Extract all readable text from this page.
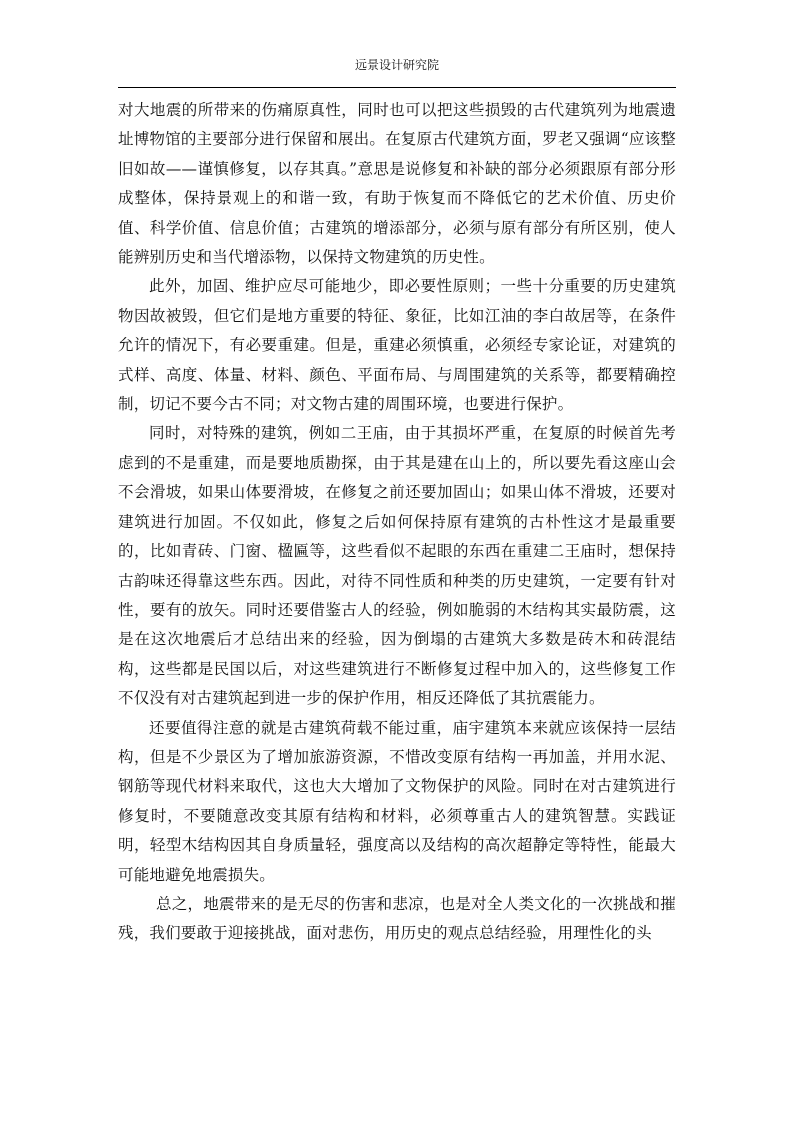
远景设计研究院

对大地震的所带来的伤痛原真性，同时也可以把这些损毁的古代建筑列为地震遗址博物馆的主要部分进行保留和展出。在复原古代建筑方面，罗老又强调“应该整旧如故——谨慎修复，以存其真。”意思是说修复和补缺的部分必须跟原有部分形成整体，保持景观上的和谐一致，有助于恢复而不降低它的艺术价值、历史价值、科学价值、信息价值；古建筑的增添部分，必须与原有部分有所区别，使人能辨别历史和当代增添物，以保持文物建筑的历史性。

此外，加固、维护应尽可能地少，即必要性原则；一些十分重要的历史建筑物因故被毁，但它们是地方重要的特征、象征，比如江油的李白故居等，在条件允许的情况下，有必要重建。但是，重建必须慎重，必须经专家论证，对建筑的式样、高度、体量、材料、颜色、平面布局、与周围建筑的关系等，都要精确控制，切记不要今古不同；对文物古建的周围环境，也要进行保护。

同时，对特殊的建筑，例如二王庙，由于其损坏严重，在复原的时候首先考虑到的不是重建，而是要地质勘探，由于其是建在山上的，所以要先看这座山会不会滑坡，如果山体要滑坡，在修复之前还要加固山；如果山体不滑坡，还要对建筑进行加固。不仅如此，修复之后如何保持原有建筑的古朴性这才是最重要的，比如青砖、门窗、楹匾等，这些看似不起眼的东西在重建二王庙时，想保持古韵味还得靠这些东西。因此，对待不同性质和种类的历史建筑，一定要有针对性，要有的放矢。同时还要借鉴古人的经验，例如脆弱的木结构其实最防震，这是在这次地震后才总结出来的经验，因为倒塌的古建筑大多数是砖木和砖混结构，这些都是民国以后，对这些建筑进行不断修复过程中加入的，这些修复工作不仅没有对古建筑起到进一步的保护作用，相反还降低了其抗震能力。

还要值得注意的就是古建筑荷载不能过重，庙宇建筑本来就应该保持一层结构，但是不少景区为了增加旅游资源，不惜改变原有结构一再加盖，并用水泥、钢筋等现代材料来取代，这也大大增加了文物保护的风险。同时在对古建筑进行修复时，不要随意改变其原有结构和材料，必须尊重古人的建筑智慧。实践证明，轻型木结构因其自身质量轻，强度高以及结构的高次超静定等特性，能最大可能地避免地震损失。

总之，地震带来的是无尽的伤害和悲凉，也是对全人类文化的一次挑战和摧残，我们要敢于迎接挑战，面对悲伤，用历史的观点总结经验，用理性化的头
